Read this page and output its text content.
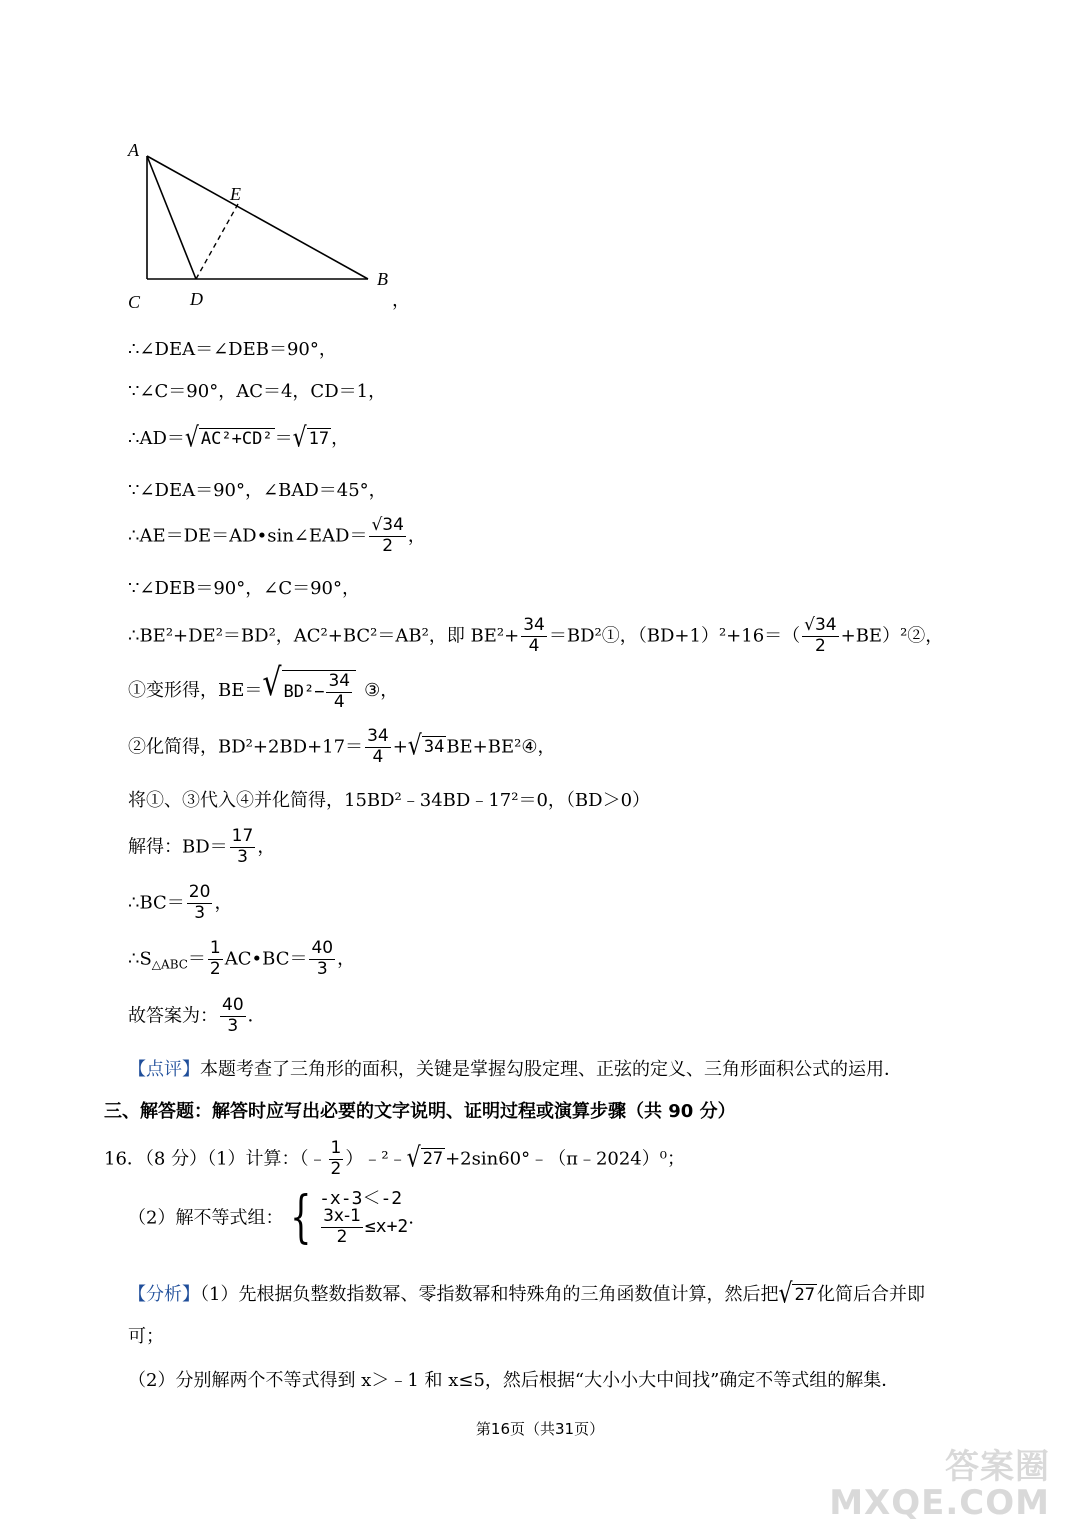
A
E
B
C	D	，
∴∠DEA＝∠DEB＝90°，
∵∠C＝90°，AC＝4，CD＝1，
∴AD＝ √ AC²+CD² ＝ √ 17 ，
∵∠DEA＝90°，∠BAD＝45°，
∴AE＝DE＝AD•sin∠EAD＝ $\frac{√34}{2}$ ，
∵∠DEB＝90°，∠C＝90°，
∴BE²+DE²＝BD²，AC²+BC²＝AB²，即 $BE^2+ \frac{34}{4}$ ＝BD²①，$(BD+1)^2+16=( \frac{√34}{2}$ +BE）²②，
①变形得，BE＝ √ $BD^2- \frac{34}{4}$ ③，
②化简得，$BD^2+2BD+17= \frac{34}{4}$ + √ 34 BE+BE²④，
将①、③代入④并化简得，15BD²﹣34BD﹣17²＝0，（BD＞0）
解得：$BD= \frac{17}{3}$ ，
∴BC＝ $\frac{20}{3}$ ，
$\therefore S_{\triangle ABC}= \frac{1}{2}$ AC•BC＝ $\frac{40}{3}$ ，
故答案为： $\frac{40}{3}$ ．
【点评】本题考查了三角形的面积，关键是掌握勾股定理、正弦的定义、三角形面积公式的运用．
三、解答题：解答时应写出必要的文字说明、证明过程或演算步骤（共 90 分）
16．（8 分）（1）计算：（﹣ $\frac{1}{2}$ ）﹣²﹣ √ 27 +2sin60°﹣（π﹣2024）⁰；
（2）解不等式组： { -x-3＜-2
$\frac{3x-1}{2} \le x+2$ .
【分析】（1）先根据负整数指数幂、零指数幂和特殊角的三角函数值计算，然后把 √ 27 化简后合并即
可；
（2）分别解两个不等式得到 x＞﹣1 和 x≤5，然后根据“大小小大中间找”确定不等式组的解集．
第16页（共31页）
答案圈
MXQE.COM
